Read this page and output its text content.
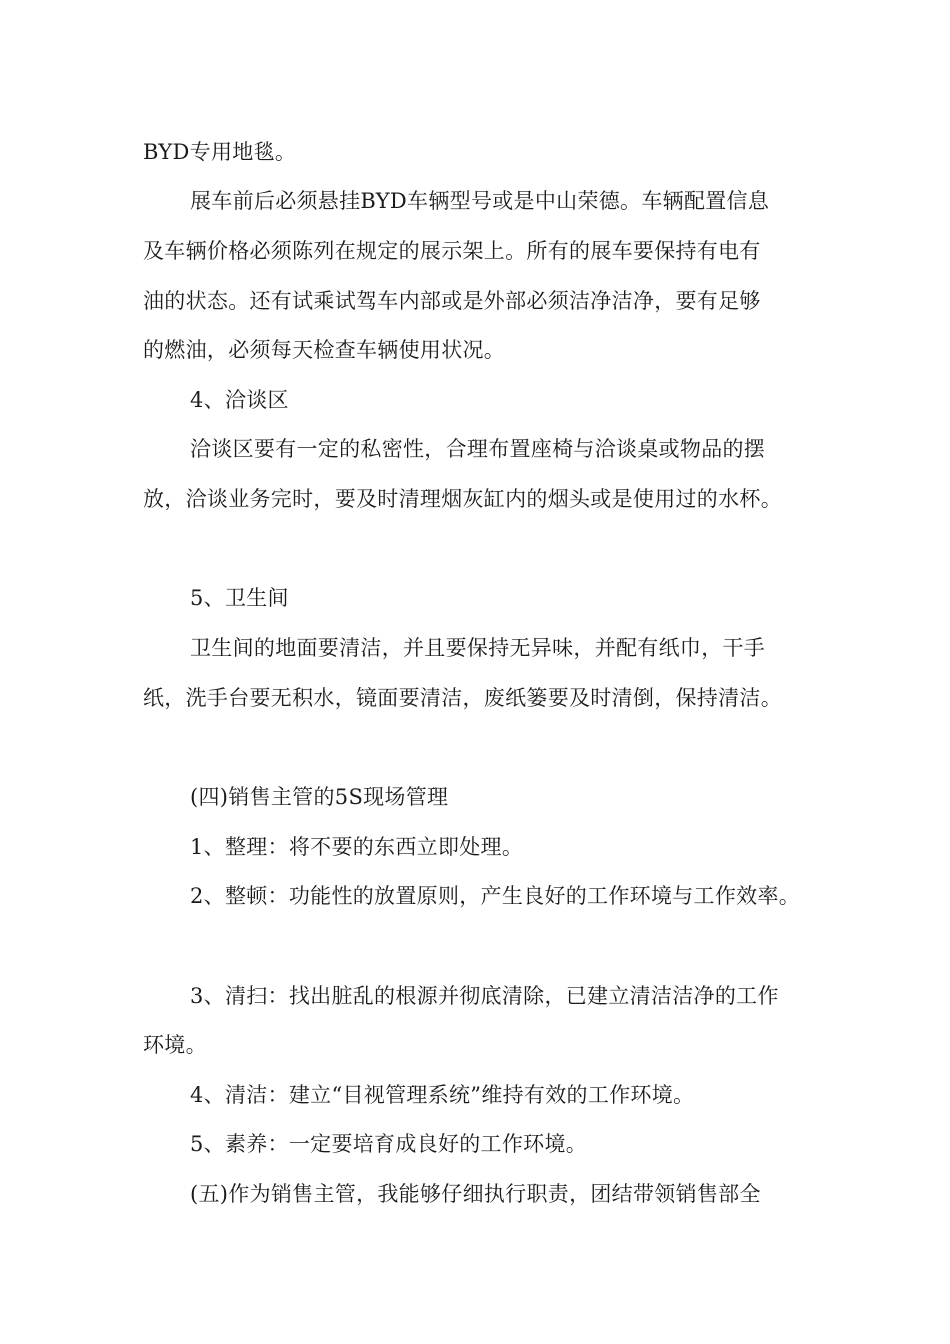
BYD专用地毯。
展车前后必须悬挂BYD车辆型号或是中山荣德。车辆配置信息
及车辆价格必须陈列在规定的展示架上。所有的展车要保持有电有
油的状态。还有试乘试驾车内部或是外部必须洁净洁净，要有足够
的燃油，必须每天检查车辆使用状况。
4、洽谈区
洽谈区要有一定的私密性，合理布置座椅与洽谈桌或物品的摆
放，洽谈业务完时，要及时清理烟灰缸内的烟头或是使用过的水杯。
5、卫生间
卫生间的地面要清洁，并且要保持无异味，并配有纸巾，干手
纸，洗手台要无积水，镜面要清洁，废纸篓要及时清倒，保持清洁。
(四)销售主管的5S现场管理
1、整理：将不要的东西立即处理。
2、整顿：功能性的放置原则，产生良好的工作环境与工作效率。
3、清扫：找出脏乱的根源并彻底清除，已建立清洁洁净的工作
环境。
4、清洁：建立“目视管理系统”维持有效的工作环境。
5、素养：一定要培育成良好的工作环境。
(五)作为销售主管，我能够仔细执行职责，团结带领销售部全
